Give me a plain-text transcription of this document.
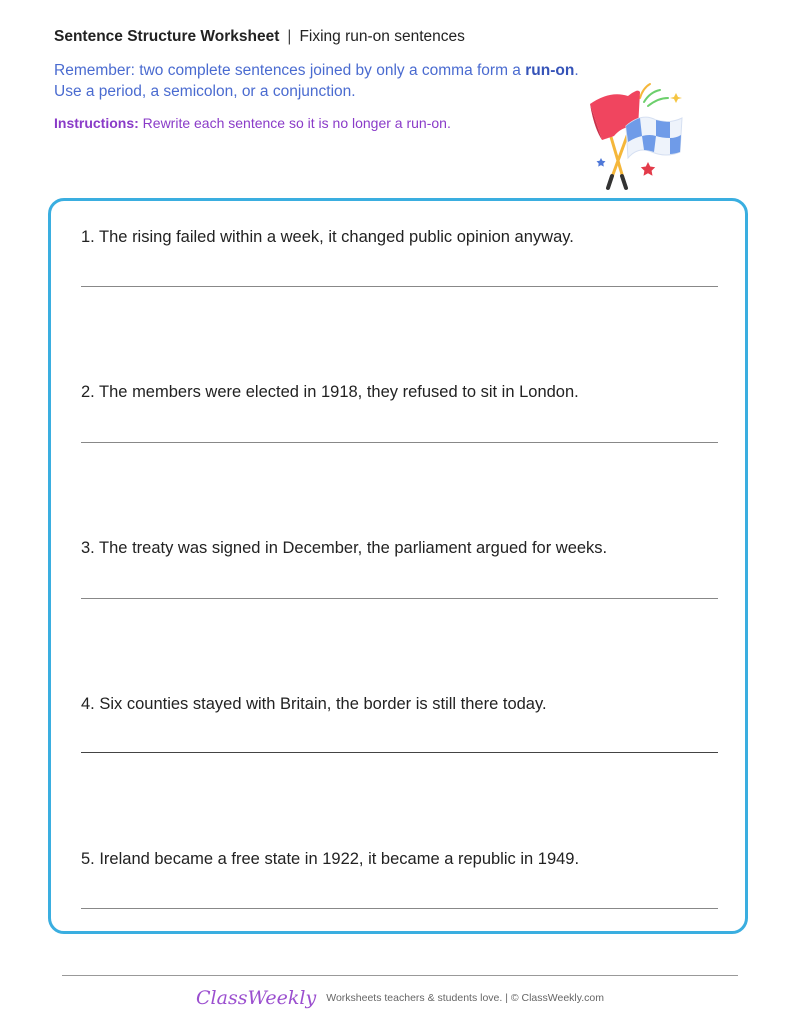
Sentence Structure Worksheet | Fixing run-on sentences
Remember: two complete sentences joined by only a comma form a run-on. Use a period, a semicolon, or a conjunction.
Instructions: Rewrite each sentence so it is no longer a run-on.
1. The rising failed within a week, it changed public opinion anyway.
2. The members were elected in 1918, they refused to sit in London.
3. The treaty was signed in December, the parliament argued for weeks.
4. Six counties stayed with Britain, the border is still there today.
5. Ireland became a free state in 1922, it became a republic in 1949.
ClassWeekly Worksheets teachers & students love. | © ClassWeekly.com
